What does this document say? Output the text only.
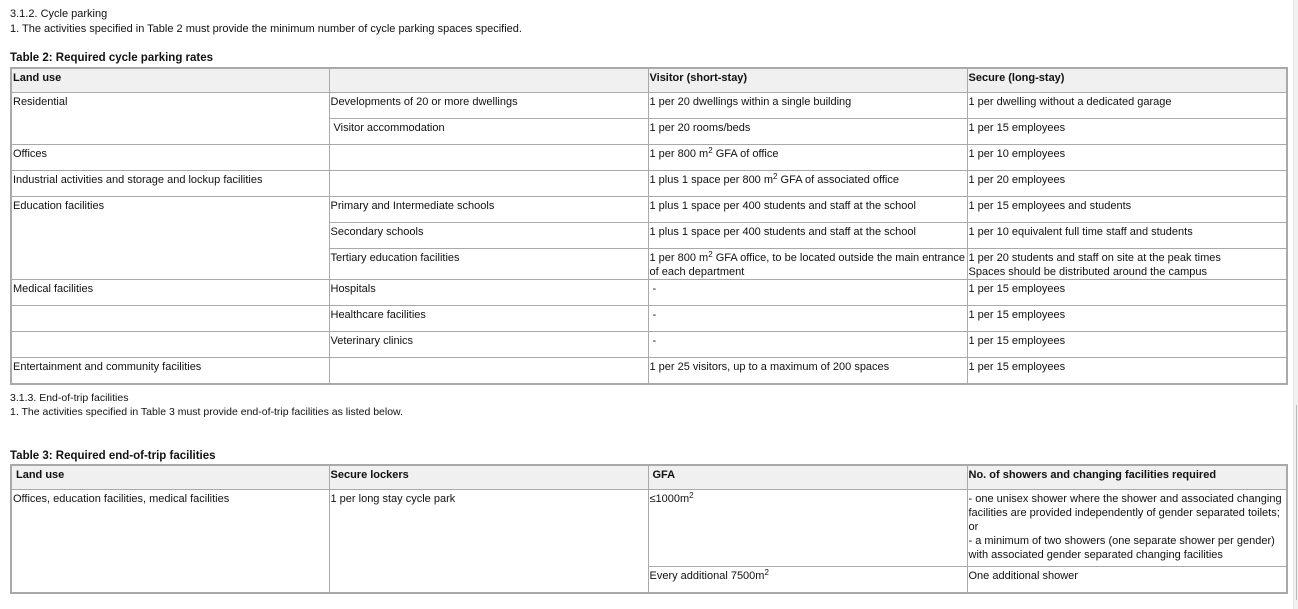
3.1.2. Cycle parking
1. The activities specified in Table 2 must provide the minimum number of cycle parking spaces specified.
Table 2: Required cycle parking rates
Land use		Visitor (short-stay)	Secure (long-stay)
Residential	Developments of 20 or more dwellings	1 per 20 dwellings within a single building	1 per dwelling without a dedicated garage
	Visitor accommodation	1 per 20 rooms/beds	1 per 15 employees
Offices		1 per 800 $m^2$ GFA of office	1 per 10 employees
Industrial activities and storage and lockup facilities		1 plus 1 space per 800 $m^2$ GFA of associated office	1 per 20 employees
Education facilities	Primary and Intermediate schools	1 plus 1 space per 400 students and staff at the school	1 per 15 employees and students
	Secondary schools	1 plus 1 space per 400 students and staff at the school	1 per 10 equivalent full time staff and students
	Tertiary education facilities	1 per 800 $m^2$ GFA office, to be located outside the main entrance of each department	1 per 20 students and staff on site at the peak times
Spaces should be distributed around the campus

Medical facilities	Hospitals	-	1 per 15 employees
	Healthcare facilities	-	1 per 15 employees
	Veterinary clinics	-	1 per 15 employees
Entertainment and community facilities		1 per 25 visitors, up to a maximum of 200 spaces	1 per 15 employees
3.1.3. End-of-trip facilities
1. The activities specified in Table 3 must provide end-of-trip facilities as listed below.
Table 3: Required end-of-trip facilities
Land use	Secure lockers	GFA	No. of showers and changing facilities required
Offices, education facilities, medical facilities	1 per long stay cycle park	$\le 1000m^2$	- one unisex shower where the shower and associated changing facilities are provided independently of gender separated toilets; or
- a minimum of two showers (one separate shower per gender) with associated gender separated changing facilities

		Every additional $7500m^2$	One additional shower
